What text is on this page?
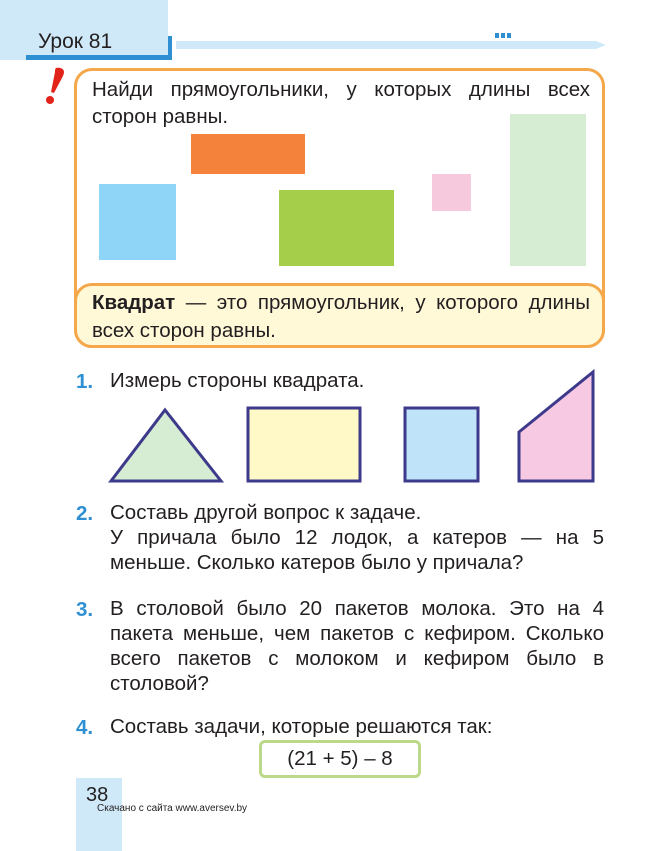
Урок 81
Найди прямоугольники, у которых длины всех сторон равны.
Квадрат — это прямоугольник, у которого длины всех сторон равны.
1. Измерь стороны квадрата.
2. Составь другой вопрос к задаче.
У причала было 12 лодок, а катеров — на 5 меньше. Сколько катеров было у причала?
3. В столовой было 20 пакетов молока. Это на 4 пакета меньше, чем пакетов с кефиром. Сколько всего пакетов с молоком и кефиром было в столовой?
4. Составь задачи, которые решаются так:
(21 + 5) – 8
38
Скачано с сайта www.aversev.by
